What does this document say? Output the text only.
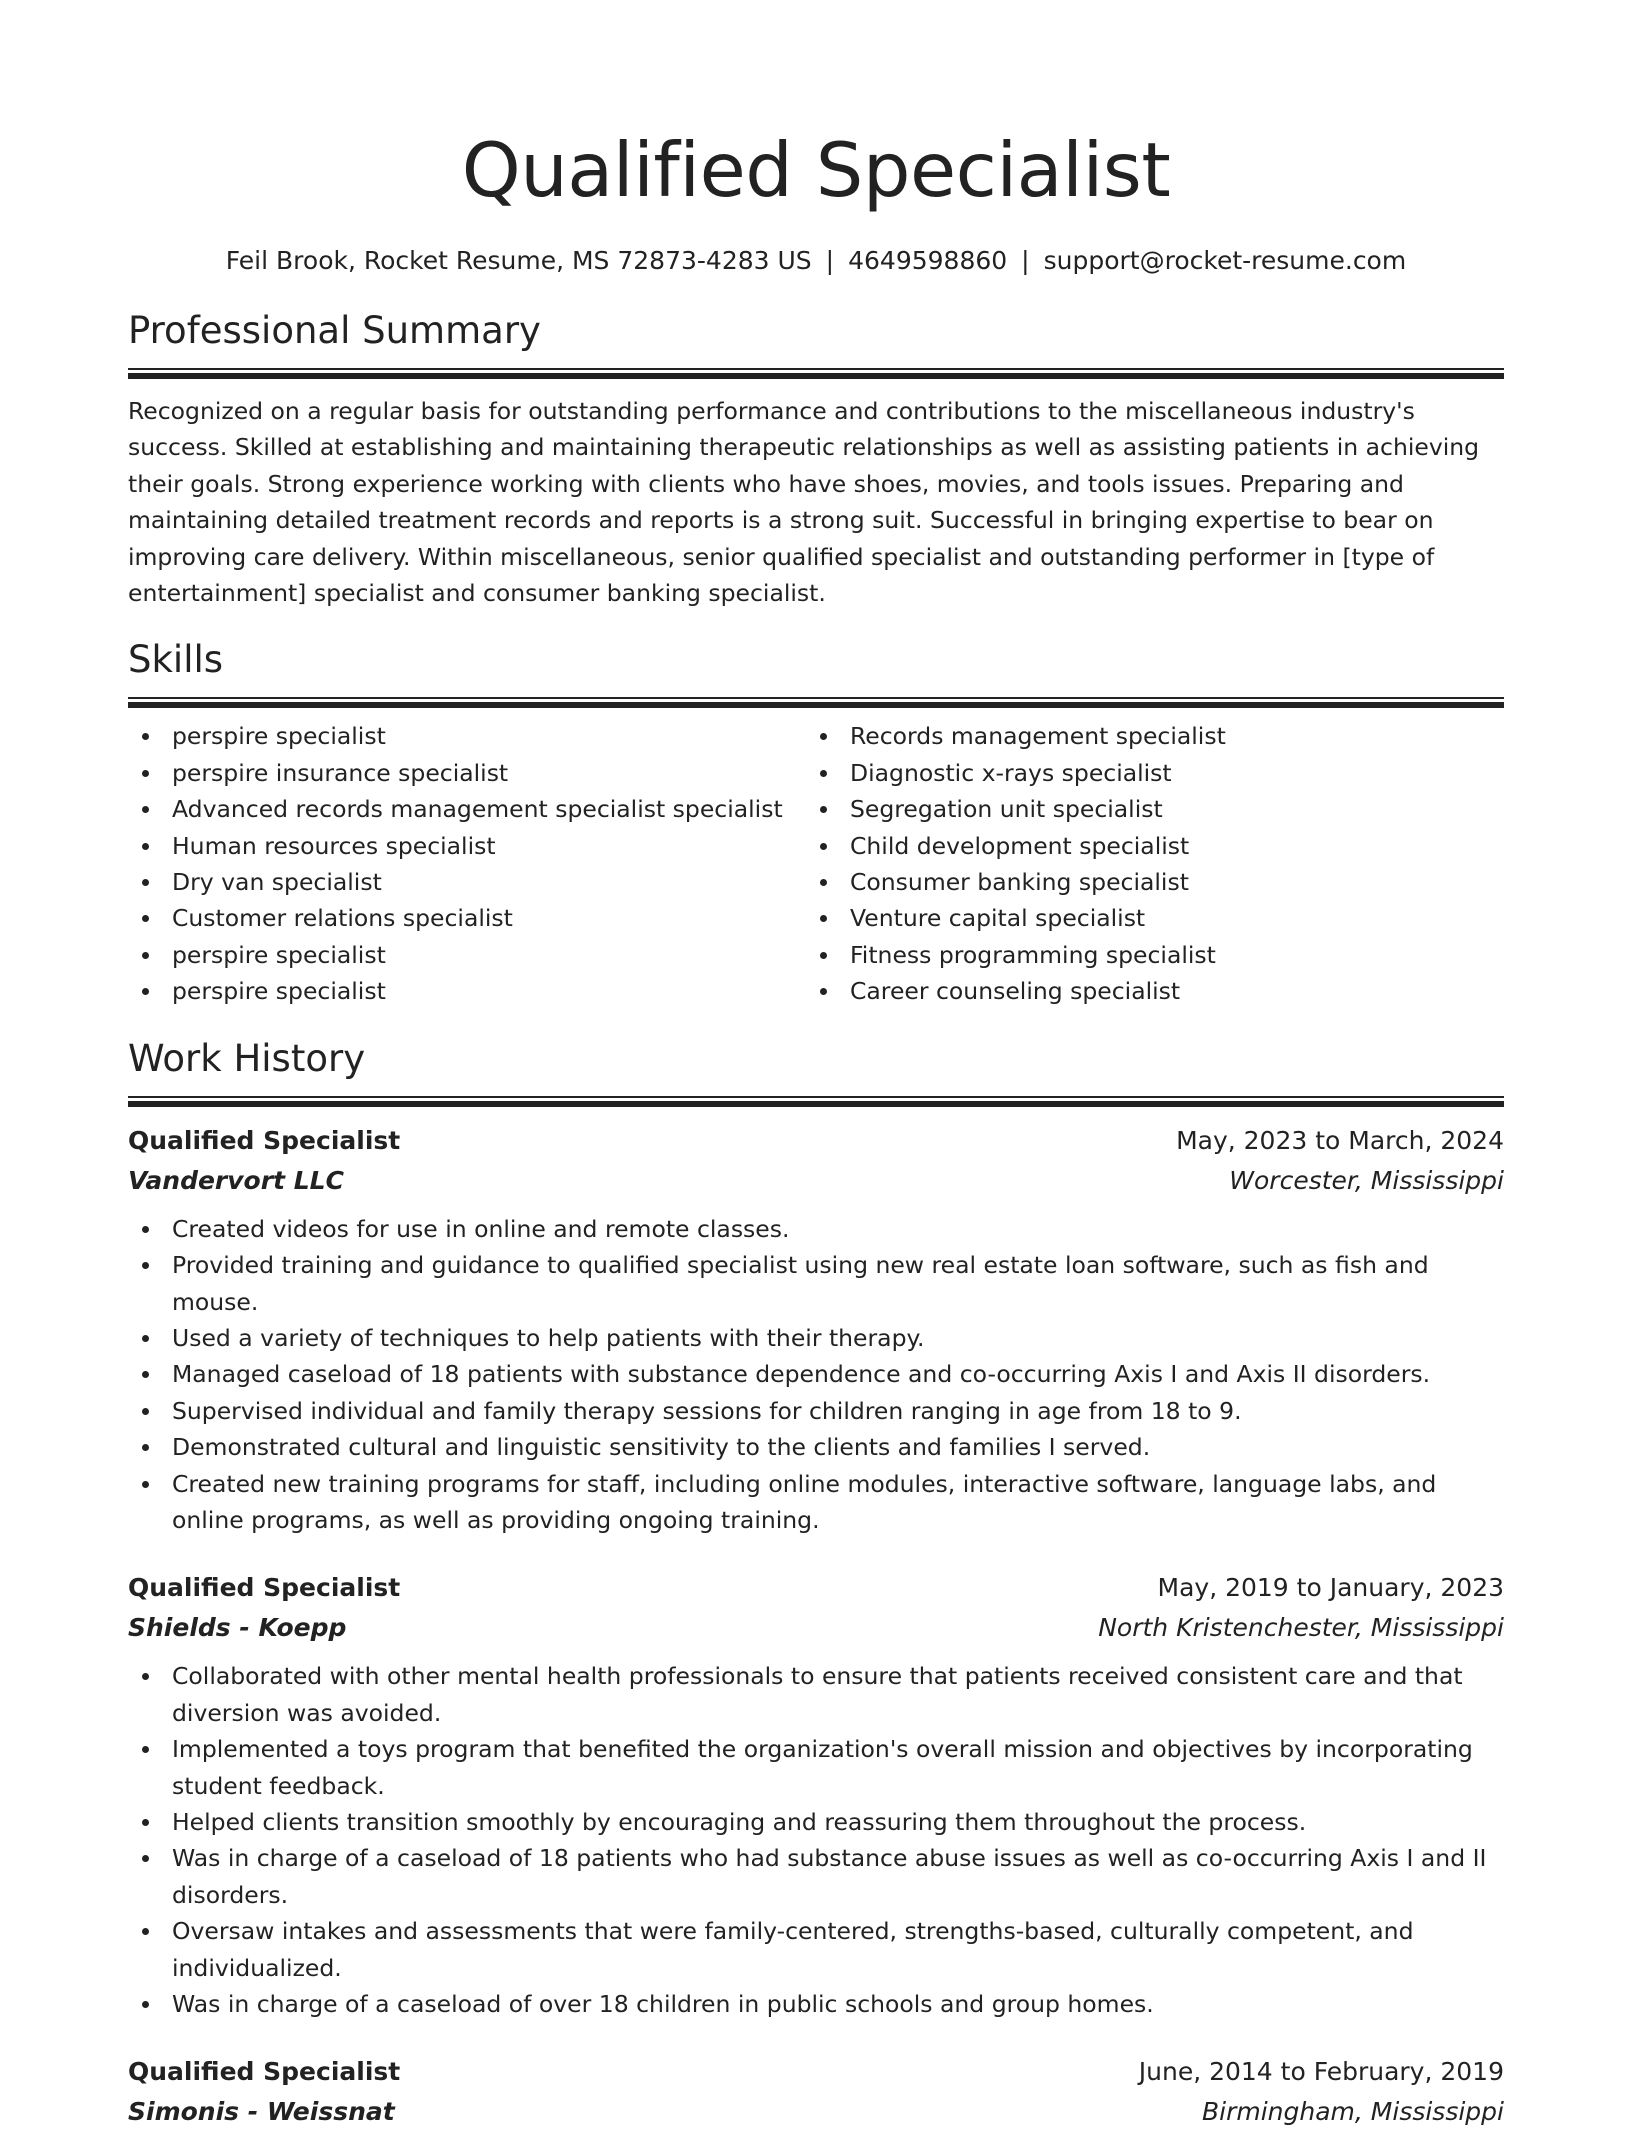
Qualified Specialist
Feil Brook, Rocket Resume, MS 72873-4283 US | 4649598860 | support@rocket-resume.com
Professional Summary
Recognized on a regular basis for outstanding performance and contributions to the miscellaneous industry's success. Skilled at establishing and maintaining therapeutic relationships as well as assisting patients in achieving their goals. Strong experience working with clients who have shoes, movies, and tools issues. Preparing and maintaining detailed treatment records and reports is a strong suit. Successful in bringing expertise to bear on improving care delivery. Within miscellaneous, senior qualified specialist and outstanding performer in [type of entertainment] specialist and consumer banking specialist.
Skills
perspire specialist
perspire insurance specialist
Advanced records management specialist specialist
Human resources specialist
Dry van specialist
Customer relations specialist
perspire specialist
perspire specialist
Records management specialist
Diagnostic x-rays specialist
Segregation unit specialist
Child development specialist
Consumer banking specialist
Venture capital specialist
Fitness programming specialist
Career counseling specialist
Work History
Qualified Specialist	May, 2023 to March, 2024
Vandervort LLC	Worcester, Mississippi
Created videos for use in online and remote classes.
Provided training and guidance to qualified specialist using new real estate loan software, such as fish and mouse.
Used a variety of techniques to help patients with their therapy.
Managed caseload of 18 patients with substance dependence and co-occurring Axis I and Axis II disorders.
Supervised individual and family therapy sessions for children ranging in age from 18 to 9.
Demonstrated cultural and linguistic sensitivity to the clients and families I served.
Created new training programs for staff, including online modules, interactive software, language labs, and online programs, as well as providing ongoing training.
Qualified Specialist	May, 2019 to January, 2023
Shields - Koepp	North Kristenchester, Mississippi
Collaborated with other mental health professionals to ensure that patients received consistent care and that diversion was avoided.
Implemented a toys program that benefited the organization's overall mission and objectives by incorporating student feedback.
Helped clients transition smoothly by encouraging and reassuring them throughout the process.
Was in charge of a caseload of 18 patients who had substance abuse issues as well as co-occurring Axis I and II disorders.
Oversaw intakes and assessments that were family-centered, strengths-based, culturally competent, and individualized.
Was in charge of a caseload of over 18 children in public schools and group homes.
Qualified Specialist	June, 2014 to February, 2019
Simonis - Weissnat	Birmingham, Mississippi
